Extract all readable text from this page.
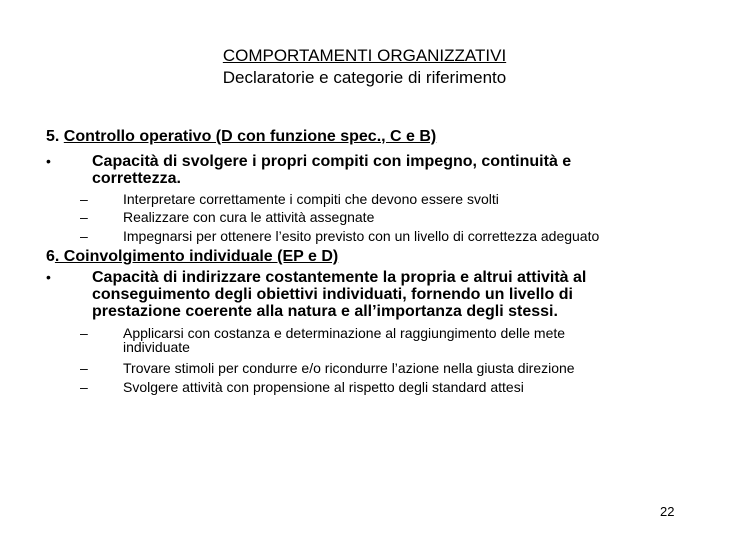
COMPORTAMENTI ORGANIZZATIVI
Declaratorie e categorie di riferimento
5. Controllo operativo (D con funzione spec., C e B)
•	Capacità di svolgere i propri compiti con impegno, continuità e
correttezza.
–	Interpretare correttamente i compiti che devono essere svolti
–	Realizzare con cura le attività assegnate
–	Impegnarsi per ottenere l’esito previsto con un livello di correttezza adeguato
6. Coinvolgimento individuale (EP e D)
•	Capacità di indirizzare costantemente la propria e altrui attività al
conseguimento degli obiettivi individuati, fornendo un livello di
prestazione coerente alla natura e all’importanza degli stessi.
–	Applicarsi con costanza e determinazione al raggiungimento delle mete
individuate
–	Trovare stimoli per condurre e/o ricondurre l’azione nella giusta direzione
–	Svolgere attività con propensione al rispetto degli standard attesi
22
